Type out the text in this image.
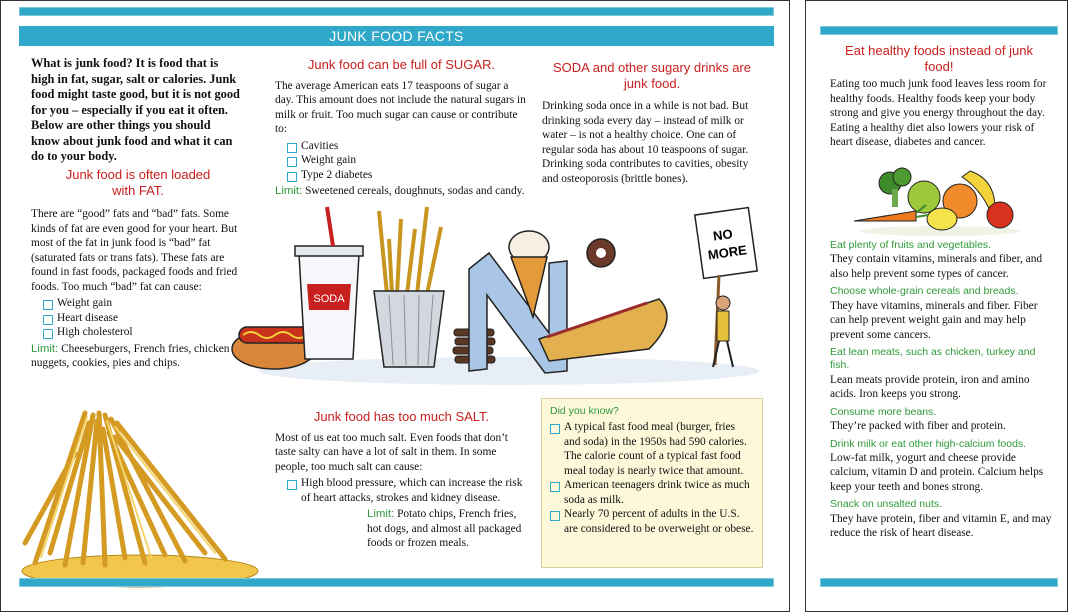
JUNK FOOD FACTS
What is junk food? It is food that is high in fat, sugar, salt or calories. Junk food might taste good, but it is not good for you – especially if you eat it often. Below are other things you should know about junk food and what it can do to your body.
Junk food is often loaded with FAT.

There are “good” fats and “bad” fats. Some kinds of fat are even good for your heart. But most of the fat in junk food is “bad” fat (saturated fats or trans fats). These fats are found in fast foods, packaged foods and fried foods. Too much “bad” fat can cause:

Weight gain
Heart disease
High cholesterol

Limit: Cheeseburgers, French fries, chicken nuggets, cookies, pies and chips.

Junk food can be full of SUGAR.

The average American eats 17 teaspoons of sugar a day. This amount does not include the natural sugars in milk or fruit. Too much sugar can cause or contribute to:

Cavities
Weight gain
Type 2 diabetes

Limit: Sweetened cereals, doughnuts, sodas and candy.

SODA and other sugary drinks are junk food.

Drinking soda once in a while is not bad. But drinking soda every day – instead of milk or water – is not a healthy choice. One can of regular soda has about 10 teaspoons of sugar. Drinking soda contributes to cavities, obesity and osteoporosis (brittle bones).

SODA
NO
MORE
Junk food has too much SALT.

Most of us eat too much salt. Even foods that don’t taste salty can have a lot of salt in them. In some people, too much salt can cause:

High blood pressure, which can increase the risk of heart attacks, strokes and kidney disease.

Limit: Potato chips, French fries, hot dogs, and almost all packaged foods or frozen meals.

Did you know?
A typical fast food meal (burger, fries and soda) in the 1950s had 590 calories. The calorie count of a typical fast food meal today is nearly twice that amount.
American teenagers drink twice as much soda as milk.
Nearly 70 percent of adults in the U.S. are considered to be overweight or obese.
Eat healthy foods instead of junk food!

Eating too much junk food leaves less room for healthy foods. Healthy foods keep your body strong and give you energy throughout the day. Eating a healthy diet also lowers your risk of heart disease, diabetes and cancer.

Eat plenty of fruits and vegetables.

They contain vitamins, minerals and fiber, and also help prevent some types of cancer.

Choose whole-grain cereals and breads.

They have vitamins, minerals and fiber. Fiber can help prevent weight gain and may help prevent some cancers.

Eat lean meats, such as chicken, turkey and fish.

Lean meats provide protein, iron and amino acids. Iron keeps you strong.

Consume more beans.

They’re packed with fiber and protein.

Drink milk or eat other high-calcium foods.

Low-fat milk, yogurt and cheese provide calcium, vitamin D and protein. Calcium helps keep your teeth and bones strong.

Snack on unsalted nuts.

They have protein, fiber and vitamin E, and may reduce the risk of heart disease.
